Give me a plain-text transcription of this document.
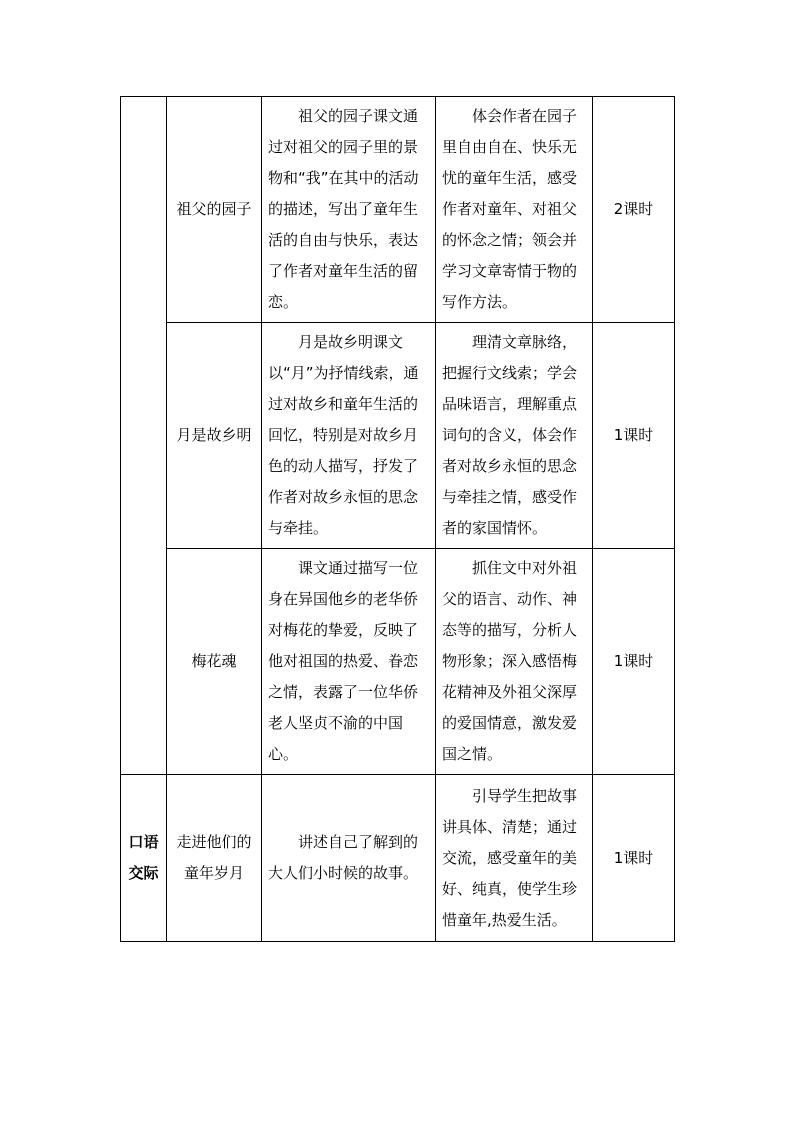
	祖父的园子	祖父的园子课文通过对祖父的园子里的景物和“我”在其中的活动的描述，写出了童年生活的自由与快乐，表达了作者对童年生活的留恋。	体会作者在园子里自由自在、快乐无忧的童年生活，感受作者对童年、对祖父的怀念之情；领会并学习文章寄情于物的写作方法。	2课时
	月是故乡明	月是故乡明课文以“月”为抒情线索，通过对故乡和童年生活的回忆，特别是对故乡月色的动人描写，抒发了作者对故乡永恒的思念与牵挂。	理清文章脉络，把握行文线索；学会品味语言，理解重点词句的含义，体会作者对故乡永恒的思念与牵挂之情，感受作者的家国情怀。	1课时
	梅花魂	课文通过描写一位身在异国他乡的老华侨对梅花的挚爱，反映了他对祖国的热爱、眷恋之情，表露了一位华侨老人坚贞不渝的中国心。	抓住文中对外祖父的语言、动作、神态等的描写，分析人物形象；深入感悟梅花精神及外祖父深厚的爱国情意，激发爱国之情。	1课时
口语交际	走进他们的童年岁月	讲述自己了解到的大人们小时候的故事。	引导学生把故事讲具体、清楚；通过交流，感受童年的美好、纯真，使学生珍惜童年,热爱生活。	1课时
